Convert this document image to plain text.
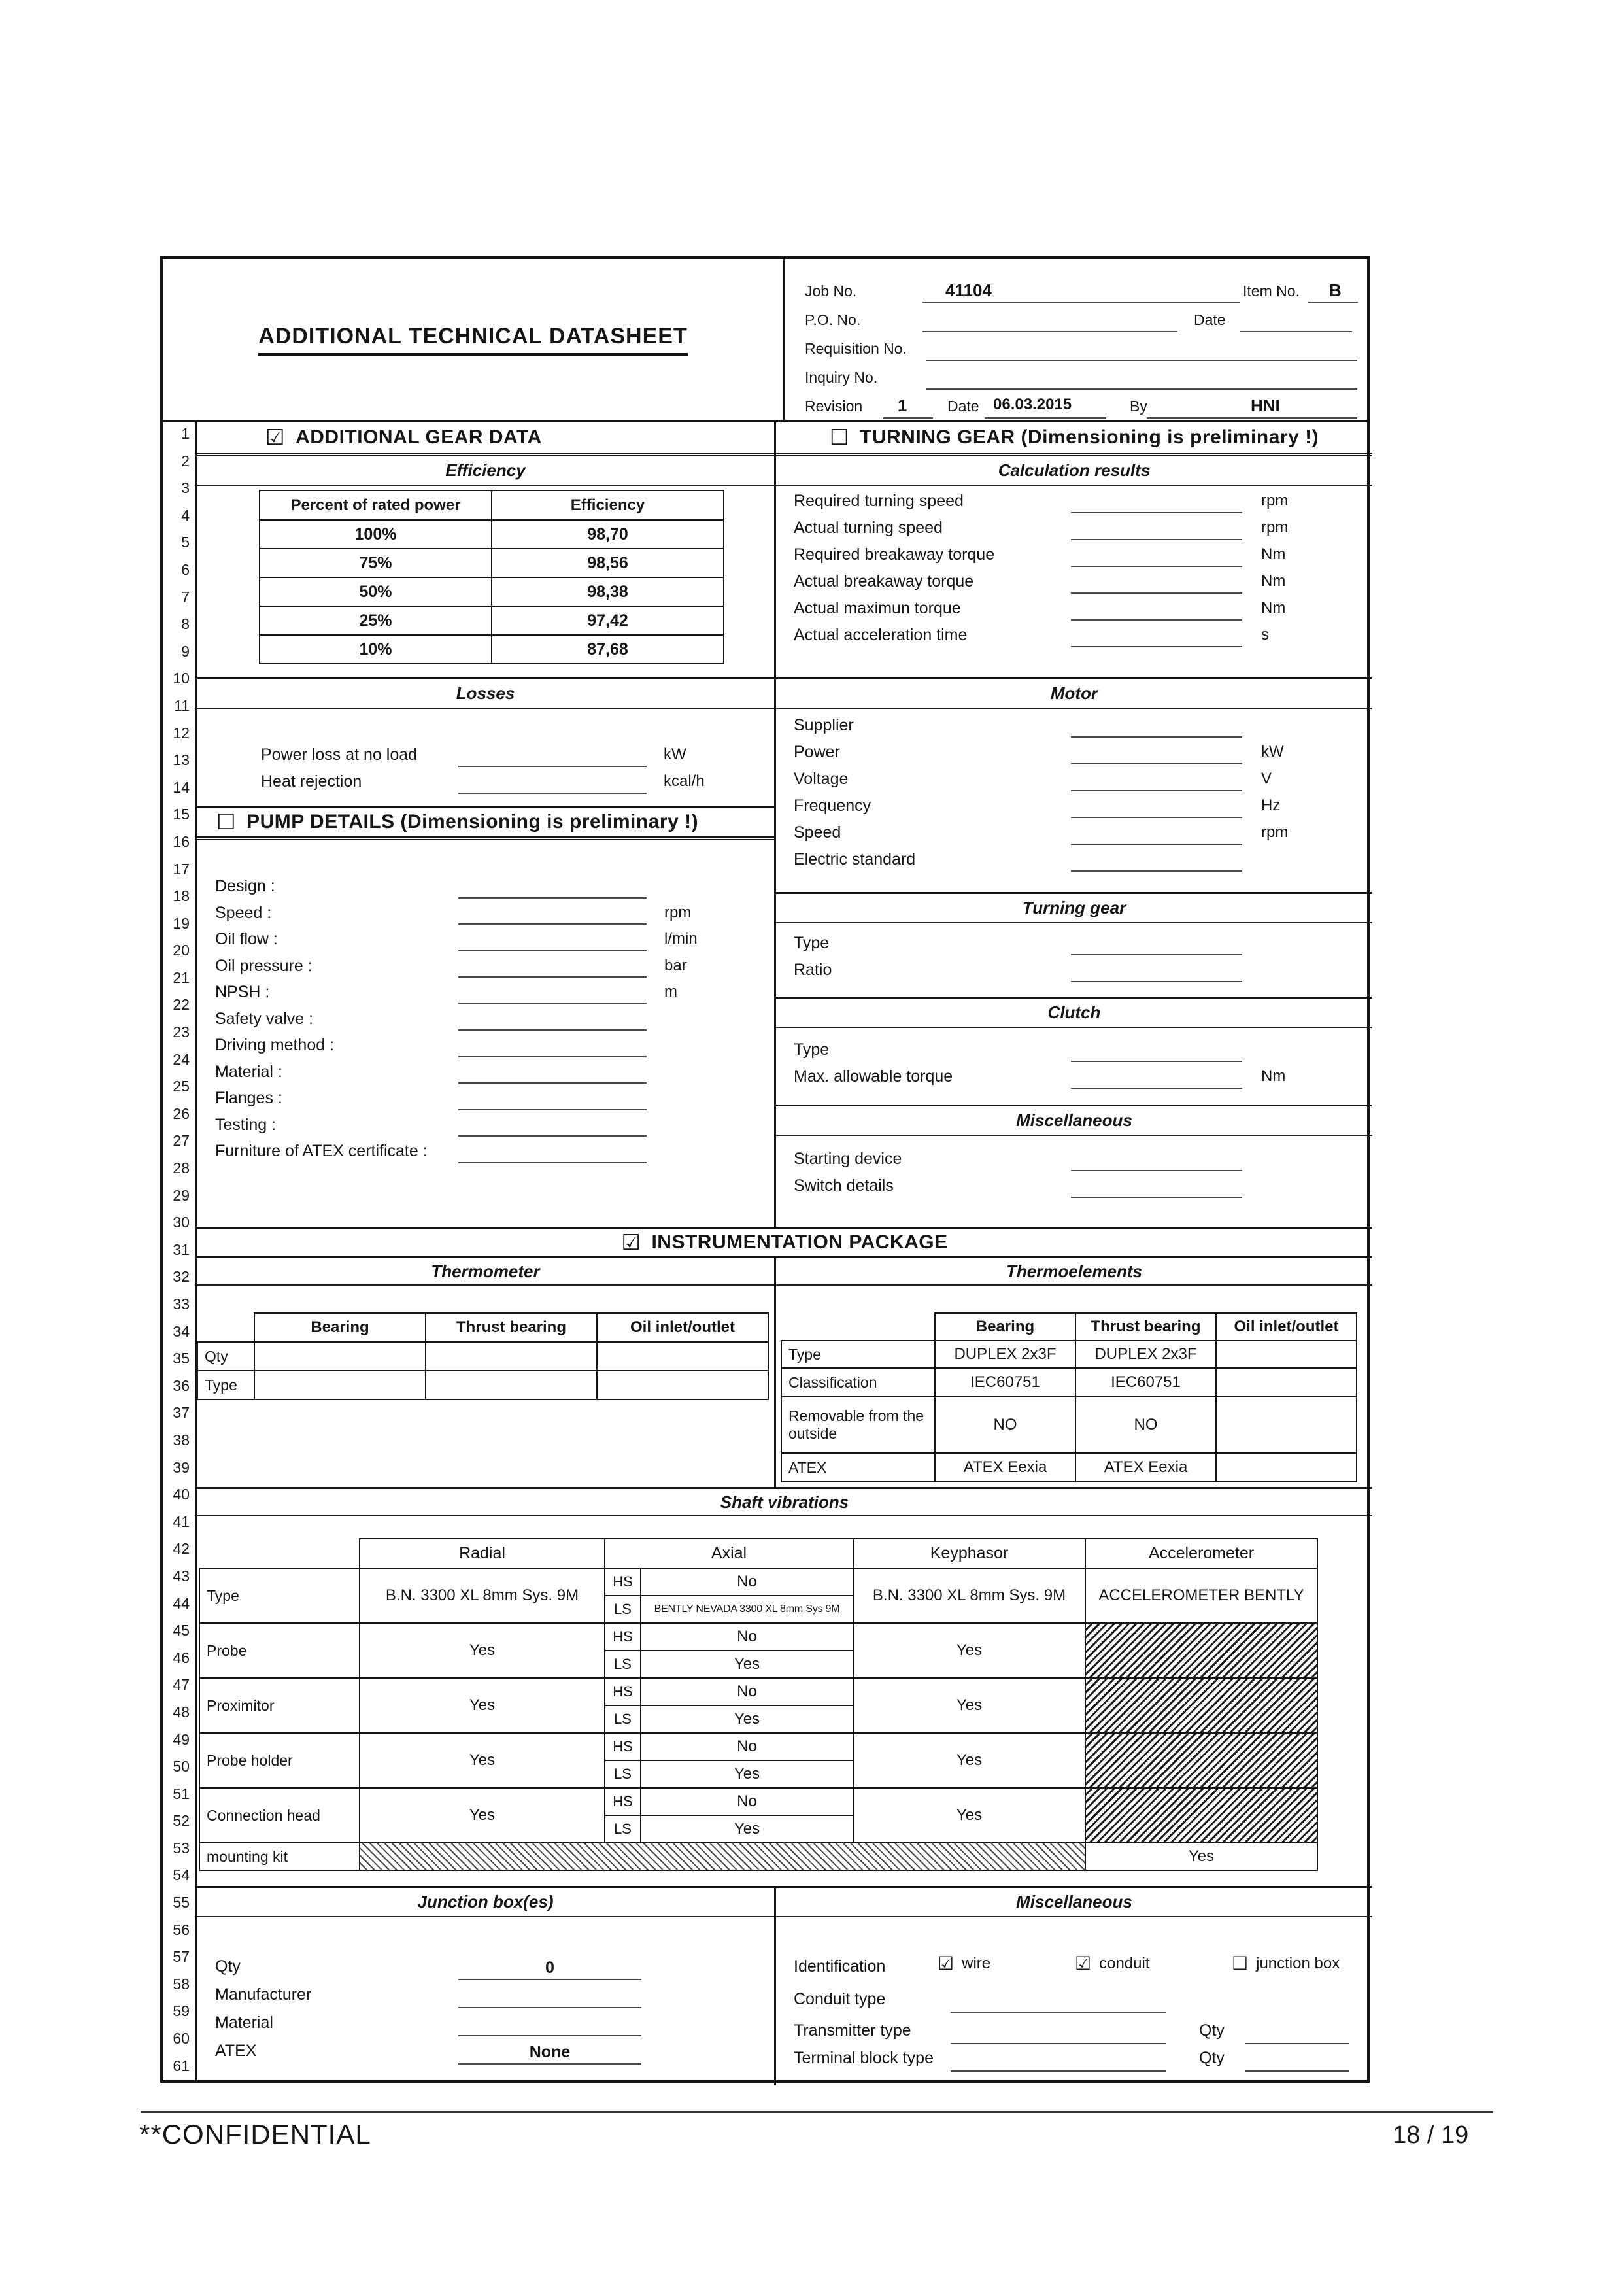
ADDITIONAL TECHNICAL DATASHEET
Job No.	41104	Item No. B
P.O. No.	Date
Requisition No.
Inquiry No.
Revision 1	Date 06.03.2015	By	HNI
1
2
3
4
5
6
7
8
9
10
11
12
13
14
15
16
17
18
19
20
21
22
23
24
25
26
27
28
29
30
31
32
33
34
35
36
37
38
39
40
41
42
43
44
45
46
47
48
49
50
51
52
53
54
55
56
57
58
59
60
61
☑ ADDITIONAL GEAR DATA
Efficiency
Percent of rated power	Efficiency
100%	98,70
75%	98,56
50%	98,38
25%	97,42
10%	87,68
☐ TURNING GEAR (Dimensioning is preliminary !)
Calculation results
Required turning speed	rpm
Actual turning speed	rpm
Required breakaway torque	Nm
Actual breakaway torque	Nm
Actual maximun torque	Nm
Actual acceleration time	s
Losses
Power loss at no load	kW
Heat rejection	kcal/h
Motor
Supplier
Power	kW
Voltage	V
Frequency	Hz
Speed	rpm
Electric standard
☐ PUMP DETAILS (Dimensioning is preliminary !)
Design :
Speed :	rpm
Oil flow :	l/min
Oil pressure :	bar
NPSH :	m
Safety valve :
Driving method :
Material :
Flanges :
Testing :
Furniture of ATEX certificate :
Turning gear
Type
Ratio
Clutch
Type
Max. allowable torque	Nm
Miscellaneous
Starting device
Switch details
☑ INSTRUMENTATION PACKAGE
Thermometer
	Bearing	Thrust bearing	Oil inlet/outlet
Qty			
Type			
Thermoelements
	Bearing	Thrust bearing	Oil inlet/outlet
Type	DUPLEX 2x3F	DUPLEX 2x3F	
Classification	IEC60751	IEC60751	
Removable from the outside	NO	NO	
ATEX	ATEX Eexia	ATEX Eexia	
Shaft vibrations
	Radial	Axial		Keyphasor	Accelerometer
Type	B.N. 3300 XL 8mm Sys. 9M	HS	No	B.N. 3300 XL 8mm Sys. 9M	ACCELEROMETER BENTLY
		LS	BENTLY NEVADA 3300 XL 8mm Sys 9M		
Probe	Yes	HS	No	Yes	
		LS	Yes		
Proximitor	Yes	HS	No	Yes	
		LS	Yes		
Probe holder	Yes	HS	No	Yes	
		LS	Yes		
Connection head	Yes	HS	No	Yes	
		LS	Yes		
mounting kit					Yes
Junction box(es)
Qty	0
Manufacturer
Material
ATEX	None
Miscellaneous
Identification	☑ wire	☑ conduit	☐ junction box
Conduit type
Transmitter type	Qty
Terminal block type	Qty
**CONFIDENTIAL	18 / 19
